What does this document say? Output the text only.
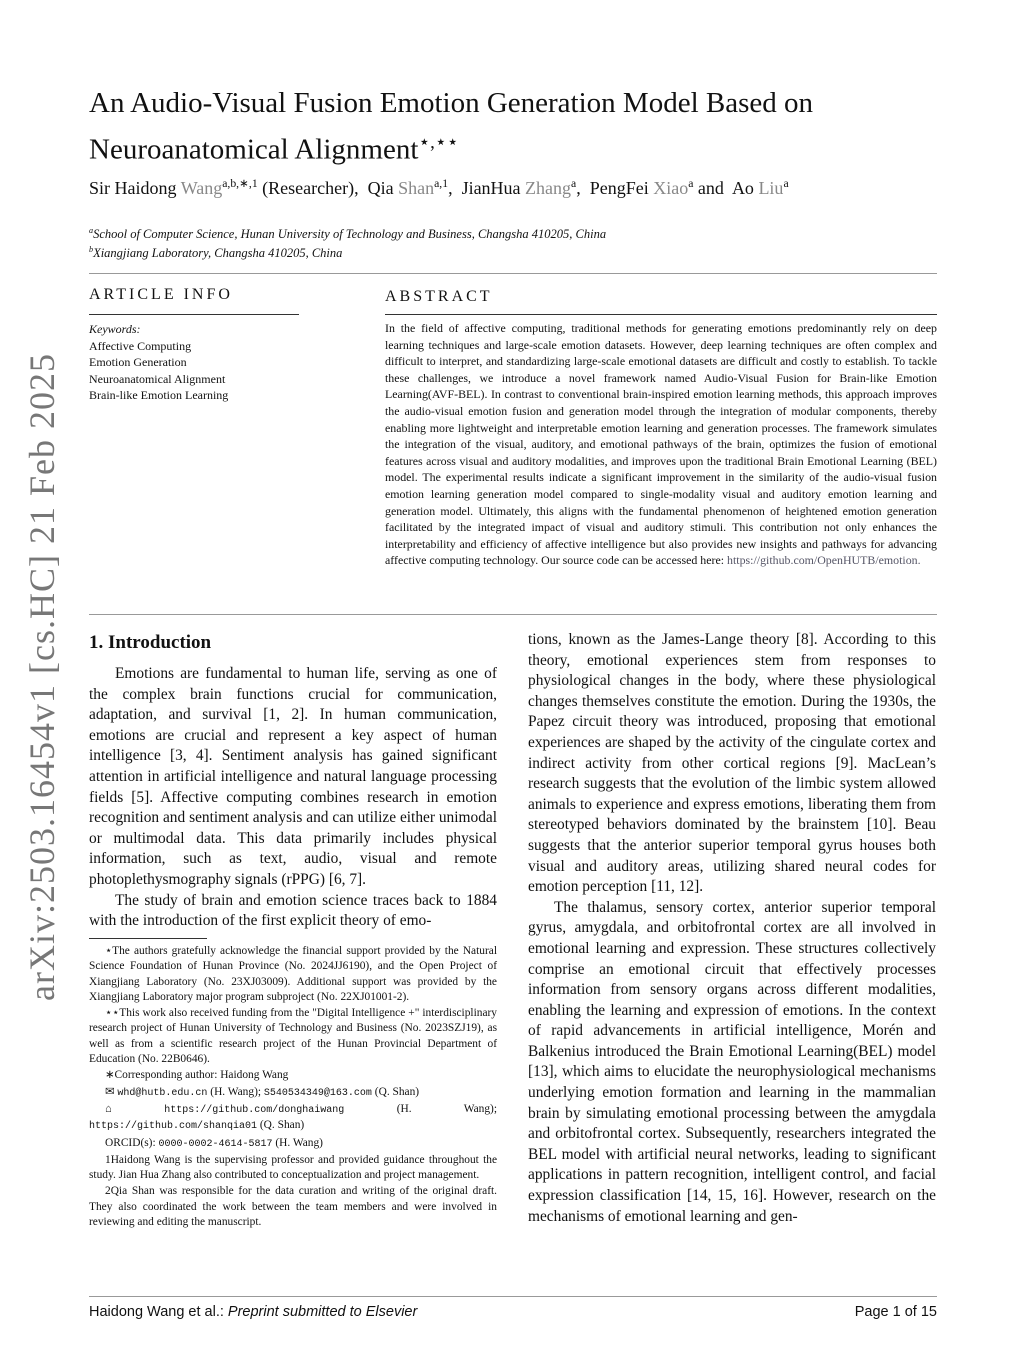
arXiv:2503.16454v1 [cs.HC] 21 Feb 2025
An Audio-Visual Fusion Emotion Generation Model Based on Neuroanatomical Alignment⋆,⋆⋆
Sir Haidong Wang$^{a,b,∗,1}$ (Researcher), Qia Shan$^{a,1}$, JianHua Zhang$^a$, PengFei Xiao$^a$ and Ao Liu$^a$
$^a$School of Computer Science, Hunan University of Technology and Business, Changsha 410205, China
$^b$Xiangjiang Laboratory, Changsha 410205, China
ARTICLE INFO	ABSTRACT
Keywords:
Affective Computing
Emotion Generation
Neuroanatomical Alignment
Brain-like Emotion Learning
In the field of affective computing, traditional methods for generating emotions predominantly rely on deep learning techniques and large-scale emotion datasets. However, deep learning techniques are often complex and difficult to interpret, and standardizing large-scale emotional datasets are difficult and costly to establish. To tackle these challenges, we introduce a novel framework named Audio-Visual Fusion for Brain-like Emotion Learning(AVF-BEL). In contrast to conventional brain-inspired emotion learning methods, this approach improves the audio-visual emotion fusion and generation model through the integration of modular components, thereby enabling more lightweight and interpretable emotion learning and generation processes. The framework simulates the integration of the visual, auditory, and emotional pathways of the brain, optimizes the fusion of emotional features across visual and auditory modalities, and improves upon the traditional Brain Emotional Learning (BEL) model. The experimental results indicate a significant improvement in the similarity of the audio-visual fusion emotion learning generation model compared to single-modality visual and auditory emotion learning and generation model. Ultimately, this aligns with the fundamental phenomenon of heightened emotion generation facilitated by the integrated impact of visual and auditory stimuli. This contribution not only enhances the interpretability and efficiency of affective intelligence but also provides new insights and pathways for advancing affective computing technology. Our source code can be accessed here: https://github.com/OpenHUTB/emotion.
1. Introduction

Emotions are fundamental to human life, serving as one of the complex brain functions crucial for communication, adaptation, and survival [1, 2]. In human communication, emotions are crucial and represent a key aspect of human intelligence [3, 4]. Sentiment analysis has gained significant attention in artificial intelligence and natural language processing fields [5]. Affective computing combines research in emotion recognition and sentiment analysis and can utilize either unimodal or multimodal data. This data primarily includes physical information, such as text, audio, visual and remote photoplethysmography signals (rPPG) [6, 7].

The study of brain and emotion science traces back to 1884 with the introduction of the first explicit theory of emo-

⋆The authors gratefully acknowledge the financial support provided by the Natural Science Foundation of Hunan Province (No. 2024JJ6190), and the Open Project of Xiangjiang Laboratory (No. 23XJ03009). Additional support was provided by the Xiangjiang Laboratory major program subproject (No. 22XJ01001-2).

⋆⋆This work also received funding from the "Digital Intelligence +" interdisciplinary research project of Hunan University of Technology and Business (No. 2023SZJ19), as well as from a scientific research project of the Hunan Provincial Department of Education (No. 22B0646).

∗Corresponding author: Haidong Wang

✉ whd@hutb.edu.cn (H. Wang); S540534349@163.com (Q. Shan)

⌂ https://github.com/donghaiwang	(H. Wang); https://github.com/shanqia01 (Q. Shan)

ORCID(s): 0000-0002-4614-5817 (H. Wang)

1Haidong Wang is the supervising professor and provided guidance throughout the study. Jian Hua Zhang also contributed to conceptualization and project management.

2Qia Shan was responsible for the data curation and writing of the original draft. They also coordinated the work between the team members and were involved in reviewing and editing the manuscript.

tions, known as the James-Lange theory [8]. According to this theory, emotional experiences stem from responses to physiological changes in the body, where these physiological changes themselves constitute the emotion. During the 1930s, the Papez circuit theory was introduced, proposing that emotional experiences are shaped by the activity of the cingulate cortex and indirect activity from other cortical regions [9]. MacLean’s research suggests that the evolution of the limbic system allowed animals to experience and express emotions, liberating them from stereotyped behaviors dominated by the brainstem [10]. Beau suggests that the anterior superior temporal gyrus houses both visual and auditory areas, utilizing shared neural codes for emotion perception [11, 12].

The thalamus, sensory cortex, anterior superior temporal gyrus, amygdala, and orbitofrontal cortex are all involved in emotional learning and expression. These structures collectively comprise an emotional circuit that effectively processes information from sensory organs across different modalities, enabling the learning and expression of emotions. In the context of rapid advancements in artificial intelligence, Morén and Balkenius introduced the Brain Emotional Learning(BEL) model [13], which aims to elucidate the neurophysiological mechanisms underlying emotion formation and learning in the mammalian brain by simulating emotional processing between the amygdala and orbitofrontal cortex. Subsequently, researchers integrated the BEL model with artificial neural networks, leading to significant applications in pattern recognition, intelligent control, and facial expression classification [14, 15, 16]. However, research on the mechanisms of emotional learning and gen-

Haidong Wang et al.: Preprint submitted to Elsevier	Page 1 of 15
